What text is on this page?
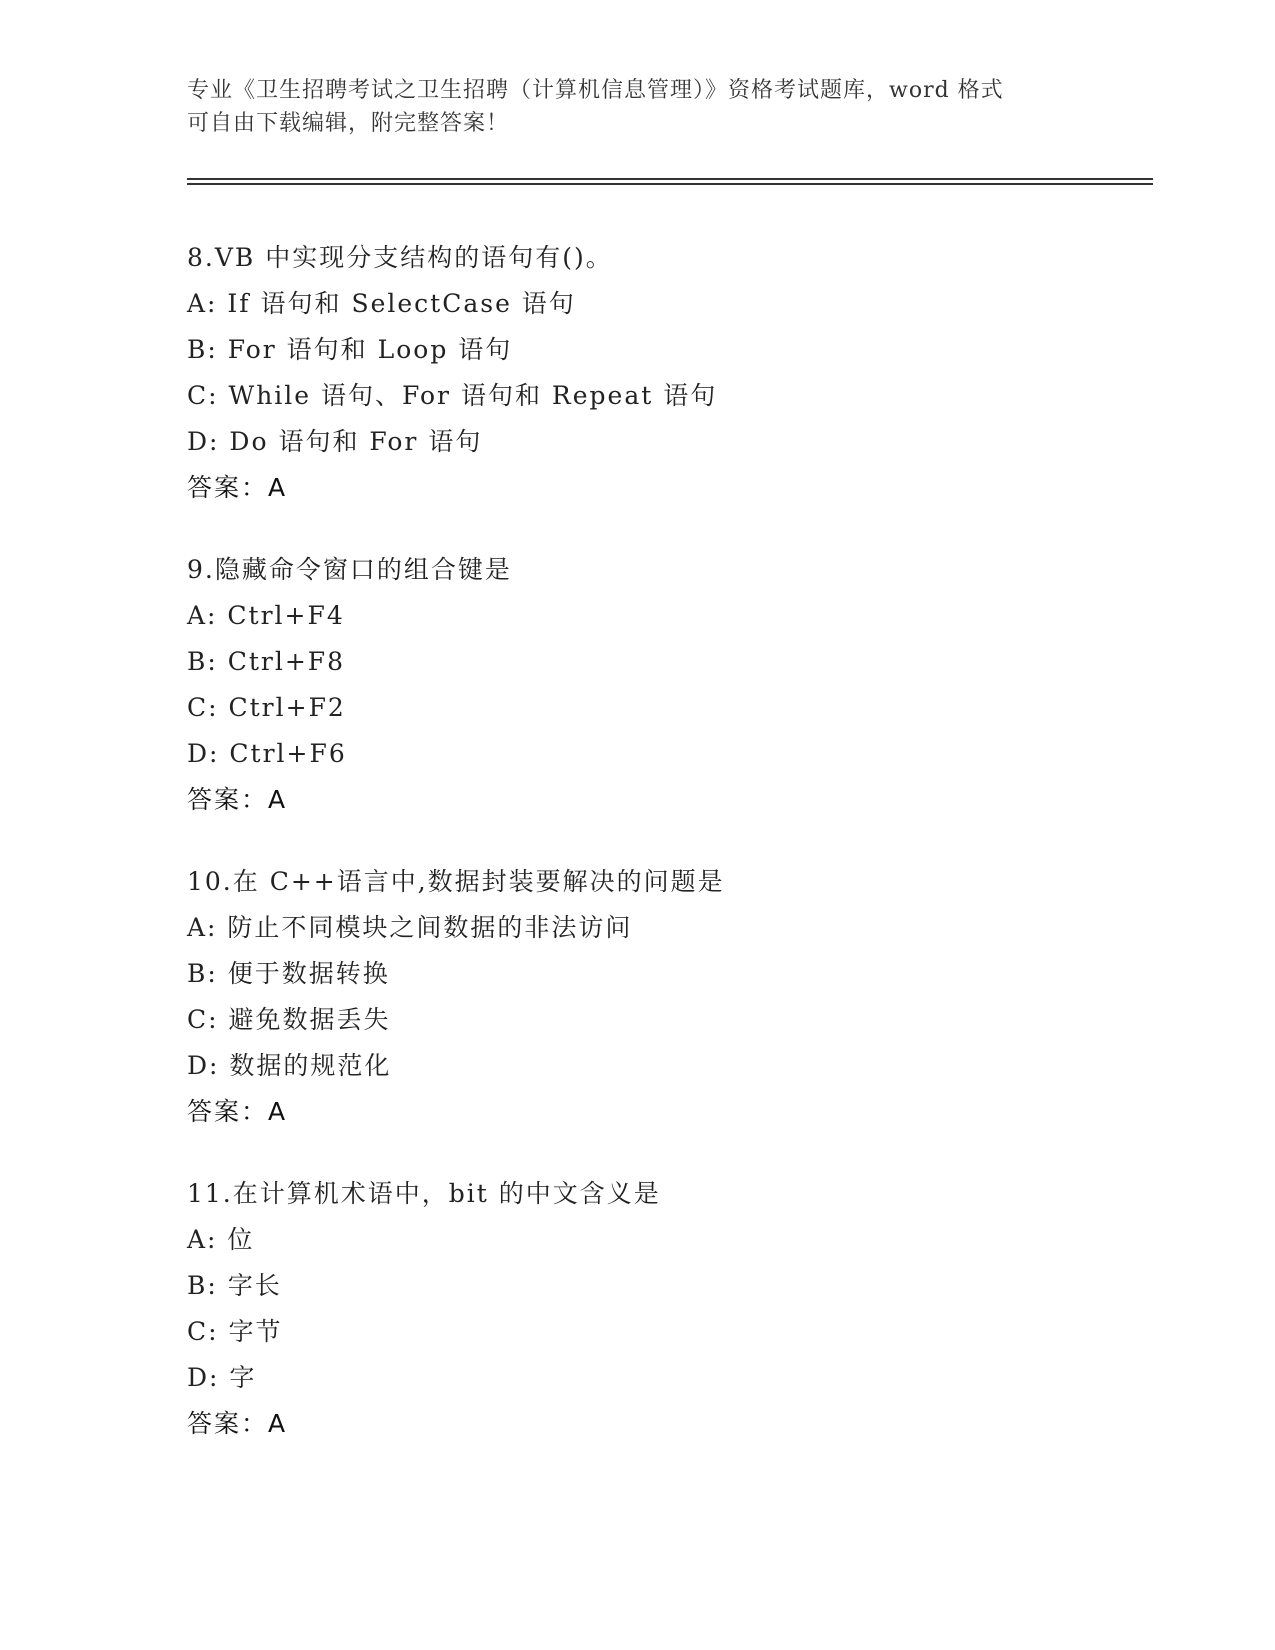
专业《卫生招聘考试之卫生招聘（计算机信息管理）》资格考试题库，word 格式
可自由下载编辑，附完整答案！
8.VB 中实现分支结构的语句有()。
A: If 语句和 SelectCase 语句
B: For 语句和 Loop 语句
C: While 语句、For 语句和 Repeat 语句
D: Do 语句和 For 语句
答案：A
9.隐藏命令窗口的组合键是
A: Ctrl+F4
B: Ctrl+F8
C: Ctrl+F2
D: Ctrl+F6
答案：A
10.在 C++语言中,数据封装要解决的问题是
A: 防止不同模块之间数据的非法访问
B: 便于数据转换
C: 避免数据丢失
D: 数据的规范化
答案：A
11.在计算机术语中，bit 的中文含义是
A: 位
B: 字长
C: 字节
D: 字
答案：A
